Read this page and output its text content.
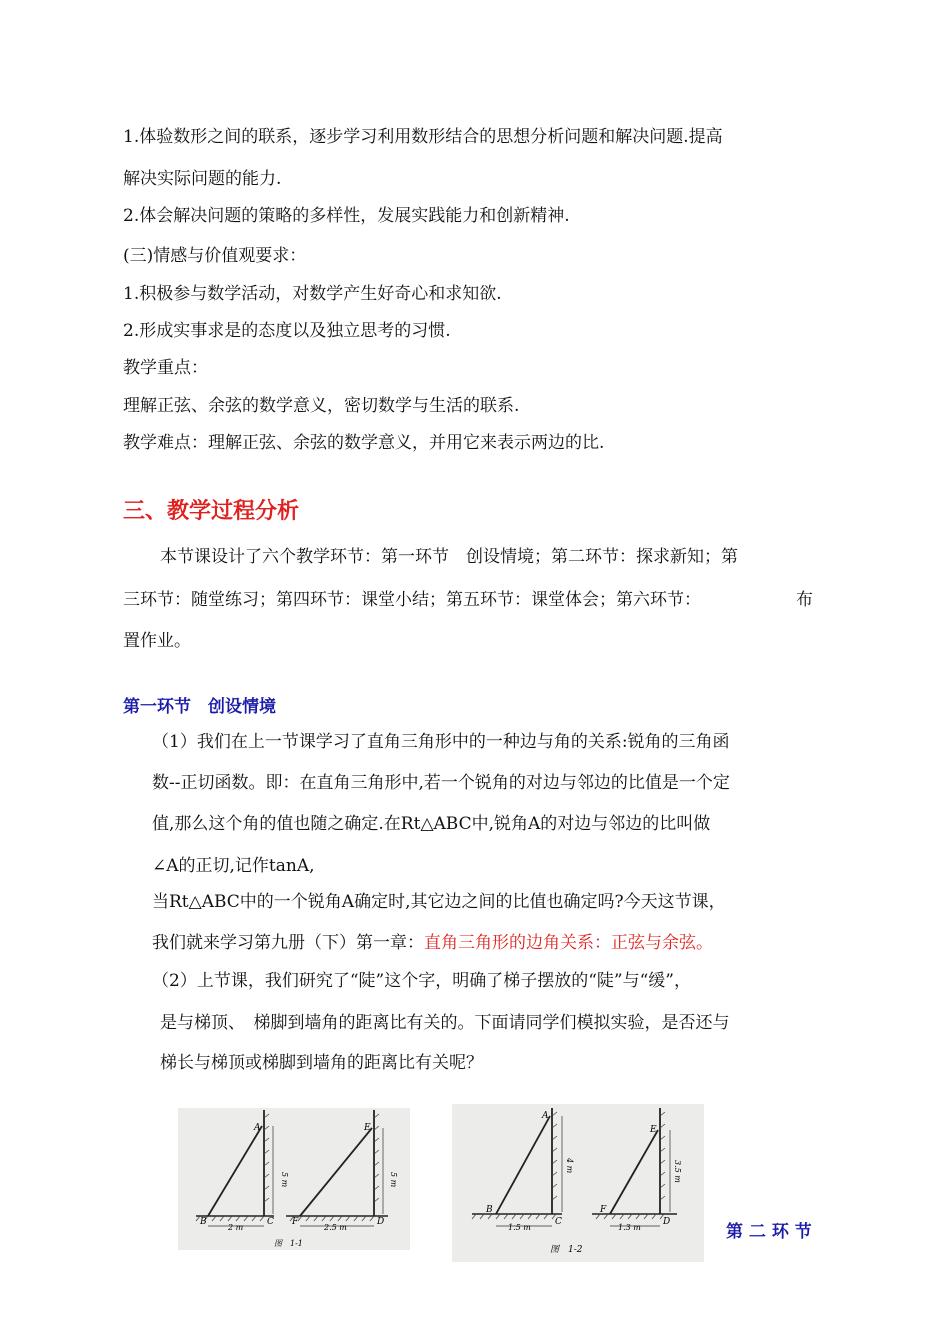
1.体验数形之间的联系，逐步学习利用数形结合的思想分析问题和解决问题.提高
解决实际问题的能力.
2.体会解决问题的策略的多样性，发展实践能力和创新精神.
(三)情感与价值观要求：
1.积极参与数学活动，对数学产生好奇心和求知欲.
2.形成实事求是的态度以及独立思考的习惯.
教学重点：
理解正弦、余弦的数学意义，密切数学与生活的联系.
教学难点：理解正弦、余弦的数学意义，并用它来表示两边的比.
三、教学过程分析
本节课设计了六个教学环节：第一环节　创设情境；第二环节：探求新知；第
三环节：随堂练习；第四环节：课堂小结；第五环节：课堂体会；第六环节：	布
置作业。
第一环节　创设情境
（1）我们在上一节课学习了直角三角形中的一种边与角的关系:锐角的三角函
数--正切函数。即：在直角三角形中,若一个锐角的对边与邻边的比值是一个定
值,那么这个角的值也随之确定.在Rt△ABC中,锐角A的对边与邻边的比叫做
∠A的正切,记作tanA,
当Rt△ABC中的一个锐角A确定时,其它边之间的比值也确定吗?今天这节课，
我们就来学习第九册（下）第一章：直角三角形的边角关系：正弦与余弦。
（2）上节课，我们研究了“陡”这个字，明确了梯子摆放的“陡”与“缓”，
是与梯顶、　梯脚到墙角的距离比有关的。下面请同学们模拟实验，是否还与
梯长与梯顶或梯脚到墙角的距离比有关呢？
A
B	C
5 m
2 m
E
F	D
5 m
2.5 m
图　1-1
A
B
C
4 m
1.5 m
E
F
D
3.5 m
1.3 m
图　1-2
第 二 环 节
